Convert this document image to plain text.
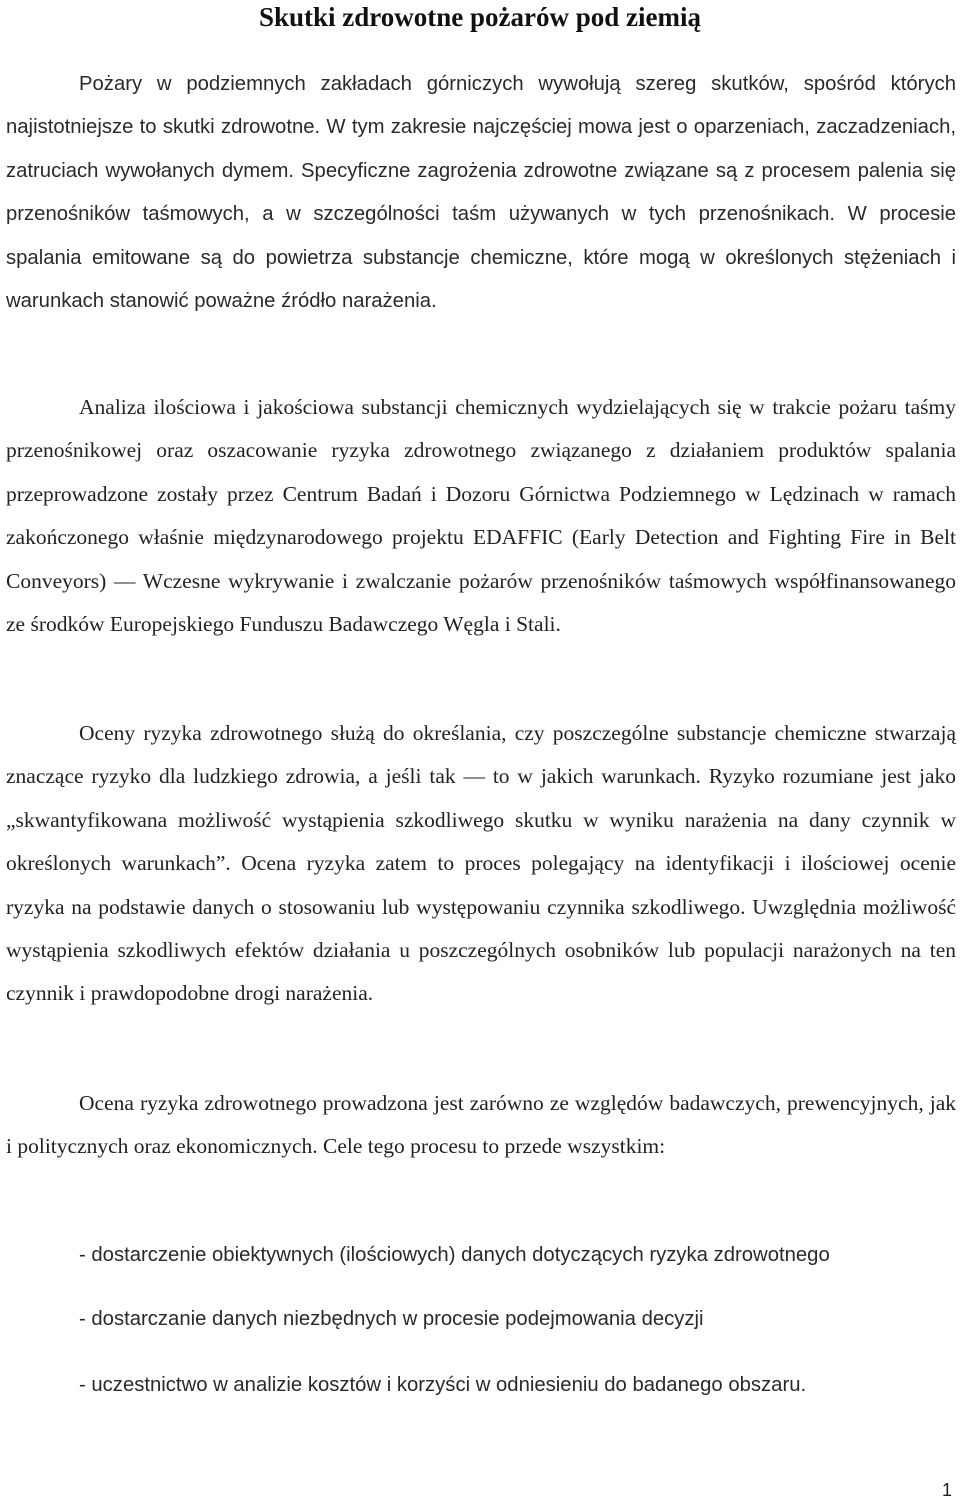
Skutki zdrowotne pożarów pod ziemią

Pożary w podziemnych zakładach górniczych wywołują szereg skutków, spośród których najistotniejsze to skutki zdrowotne. W tym zakresie najczęściej mowa jest o oparzeniach, zaczadzeniach, zatruciach wywołanych dymem. Specyficzne zagrożenia zdrowotne związane są z procesem palenia się przenośników taśmowych, a w szczególności taśm używanych w tych przenośnikach. W procesie spalania emitowane są do powietrza substancje chemiczne, które mogą w określonych stężeniach i warunkach stanowić poważne źródło narażenia.

Analiza ilościowa i jakościowa substancji chemicznych wydzielających się w trakcie pożaru taśmy przenośnikowej oraz oszacowanie ryzyka zdrowotnego związanego z działaniem produktów spalania przeprowadzone zostały przez Centrum Badań i Dozoru Górnictwa Podziemnego w Lędzinach w ramach zakończonego właśnie międzynarodowego projektu EDAFFIC (Early Detection and Fighting Fire in Belt Conveyors) ― Wczesne wykrywanie i zwalczanie pożarów przenośników taśmowych współfinansowanego ze środków Europejskiego Funduszu Badawczego Węgla i Stali.

Oceny ryzyka zdrowotnego służą do określania, czy poszczególne substancje chemiczne stwarzają znaczące ryzyko dla ludzkiego zdrowia, a jeśli tak ― to w jakich warunkach. Ryzyko rozumiane jest jako „skwantyfikowana możliwość wystąpienia szkodliwego skutku w wyniku narażenia na dany czynnik w określonych warunkach”. Ocena ryzyka zatem to proces polegający na identyfikacji i ilościowej ocenie ryzyka na podstawie danych o stosowaniu lub występowaniu czynnika szkodliwego. Uwzględnia możliwość wystąpienia szkodliwych efektów działania u poszczególnych osobników lub populacji narażonych na ten czynnik i prawdopodobne drogi narażenia.

Ocena ryzyka zdrowotnego prowadzona jest zarówno ze względów badawczych, prewencyjnych, jak i politycznych oraz ekonomicznych. Cele tego procesu to przede wszystkim:

- dostarczenie obiektywnych (ilościowych) danych dotyczących ryzyka zdrowotnego

- dostarczanie danych niezbędnych w procesie podejmowania decyzji

- uczestnictwo w analizie kosztów i korzyści w odniesieniu do badanego obszaru.

1
